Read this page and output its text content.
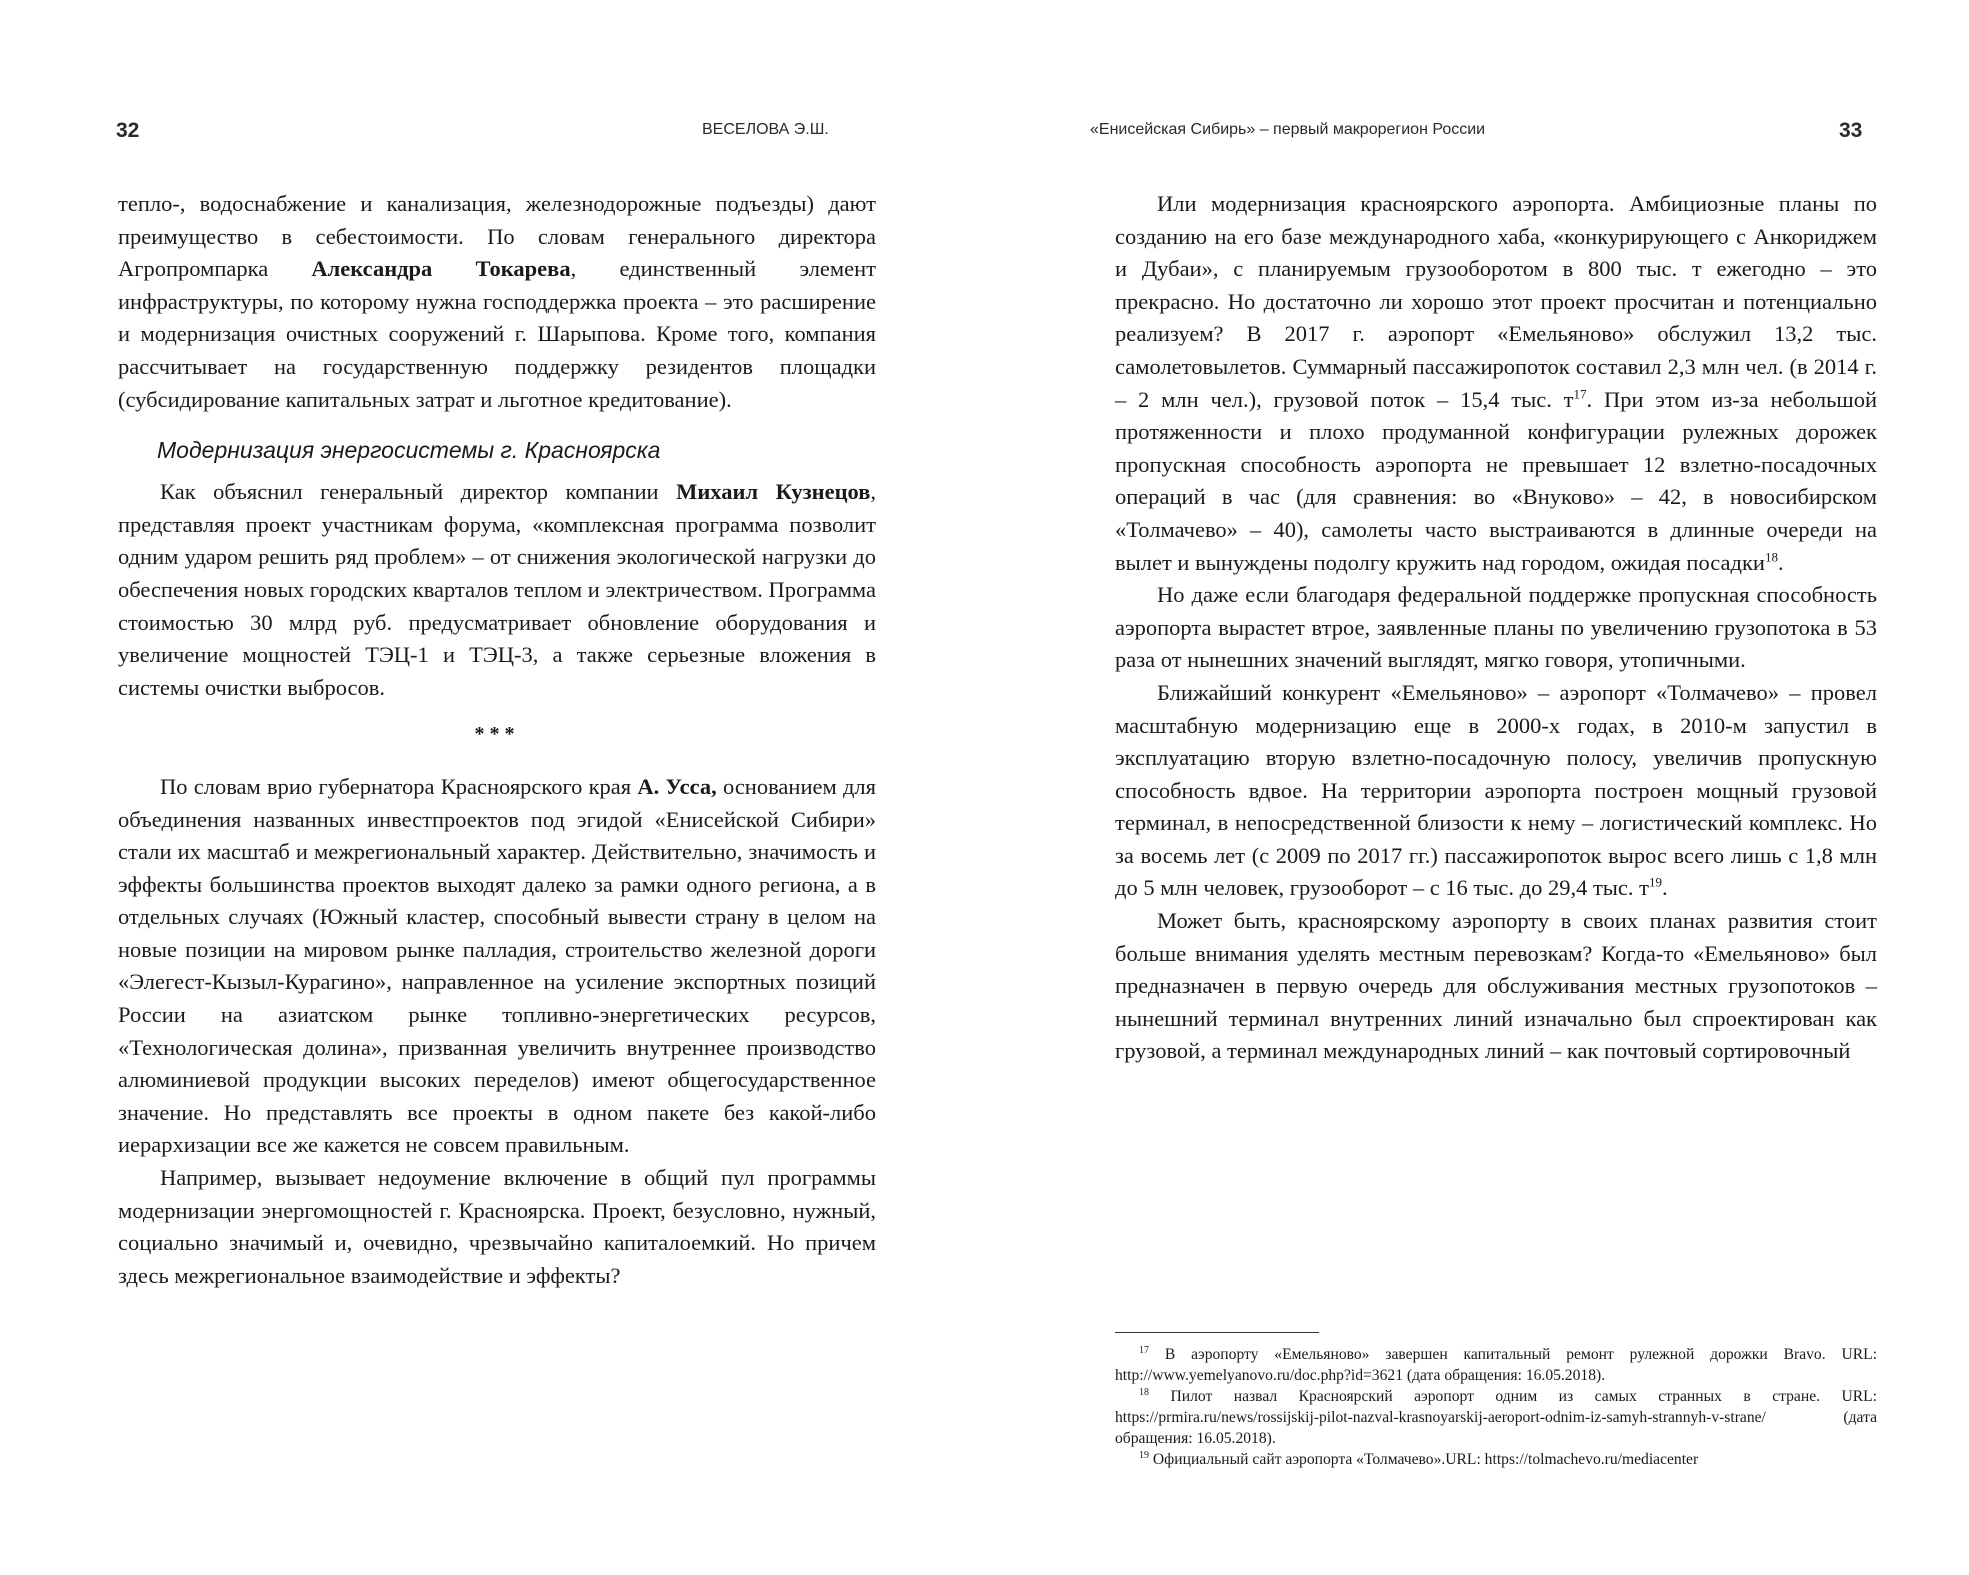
32	ВЕСЕЛОВА Э.Ш.

тепло-, водоснабжение и канализация, железнодорожные подъезды) дают преимущество в себестоимости. По словам генерального директора Агропромпарка Александра Токарева, единственный элемент инфраструктуры, по которому нужна господдержка проекта – это расширение и модернизация очистных сооружений г. Шарыпова. Кроме того, компания рассчитывает на государственную поддержку резидентов площадки (субсидирование капитальных затрат и льготное кредитование).

Модернизация энергосистемы г. Красноярска

Как объяснил генеральный директор компании Михаил Кузнецов, представляя проект участникам форума, «комплексная программа позволит одним ударом решить ряд проблем» – от снижения экологической нагрузки до обеспечения новых городских кварталов теплом и электричеством. Программа стоимостью 30 млрд руб. предусматривает обновление оборудования и увеличение мощностей ТЭЦ-1 и ТЭЦ-3, а также серьезные вложения в системы очистки выбросов.

***

По словам врио губернатора Красноярского края А. Усса, основанием для объединения названных инвестпроектов под эгидой «Енисейской Сибири» стали их масштаб и межрегиональный характер. Действительно, значимость и эффекты большинства проектов выходят далеко за рамки одного региона, а в отдельных случаях (Южный кластер, способный вывести страну в целом на новые позиции на мировом рынке палладия, строительство железной дороги «Элегест-Кызыл-Курагино», направленное на усиление экспортных позиций России на азиатском рынке топливно-энергетических ресурсов, «Технологическая долина», призванная увеличить внутреннее производство алюминиевой продукции высоких переделов) имеют общегосударственное значение. Но представлять все проекты в одном пакете без какой-либо иерархизации все же кажется не совсем правильным.

Например, вызывает недоумение включение в общий пул программы модернизации энергомощностей г. Красноярска. Проект, безусловно, нужный, социально значимый и, очевидно, чрезвычайно капиталоемкий. Но причем здесь межрегиональное взаимодействие и эффекты?

«Енисейская Сибирь» – первый макрорегион России	33

Или модернизация красноярского аэропорта. Амбициозные планы по созданию на его базе международного хаба, «конкурирующего с Анкориджем и Дубаи», с планируемым грузооборотом в 800 тыс. т ежегодно – это прекрасно. Но достаточно ли хорошо этот проект просчитан и потенциально реализуем? В 2017 г. аэропорт «Емельяново» обслужил 13,2 тыс. самолетовылетов. Суммарный пассажиропоток составил 2,3 млн чел. (в 2014 г. – 2 млн чел.), грузовой поток – 15,4 тыс. $т^{17}$. При этом из-за небольшой протяженности и плохо продуманной конфигурации рулежных дорожек пропускная способность аэропорта не превышает 12 взлетно-посадочных операций в час (для сравнения: во «Внуково» – 42, в новосибирском «Толмачево» – 40), самолеты часто выстраиваются в длинные очереди на вылет и вынуждены подолгу кружить над городом, ожидая посадки$^{18}$.

Но даже если благодаря федеральной поддержке пропускная способность аэропорта вырастет втрое, заявленные планы по увеличению грузопотока в 53 раза от нынешних значений выглядят, мягко говоря, утопичными.

Ближайший конкурент «Емельяново» – аэропорт «Толмачево» – провел масштабную модернизацию еще в 2000-х годах, в 2010-м запустил в эксплуатацию вторую взлетно-посадочную полосу, увеличив пропускную способность вдвое. На территории аэропорта построен мощный грузовой терминал, в непосредственной близости к нему – логистический комплекс. Но за восемь лет (с 2009 по 2017 гг.) пассажиропоток вырос всего лишь с 1,8 млн до 5 млн человек, грузооборот – с 16 тыс. до 29,4 тыс. $т^{19}$.

Может быть, красноярскому аэропорту в своих планах развития стоит больше внимания уделять местным перевозкам? Когда-то «Емельяново» был предназначен в первую очередь для обслуживания местных грузопотоков – нынешний терминал внутренних линий изначально был спроектирован как грузовой, а терминал международных линий – как почтовый сортировочный

$^{17}$ В аэропорту «Емельяново» завершен капитальный ремонт рулежной дорожки Bravo. URL: http://www.yemelyanovo.ru/doc.php?id=3621 (дата обращения: 16.05.2018).

$^{18}$ Пилот назвал Красноярский аэропорт одним из самых странных в стране. URL: https://prmira.ru/news/rossijskij-pilot-nazval-krasnoyarskij-aeroport-odnim-iz-samyh-strannyh-v-strane/ (дата обращения: 16.05.2018).

$^{19}$ Официальный сайт аэропорта «Толмачево».URL: https://tolmachevo.ru/mediacenter
